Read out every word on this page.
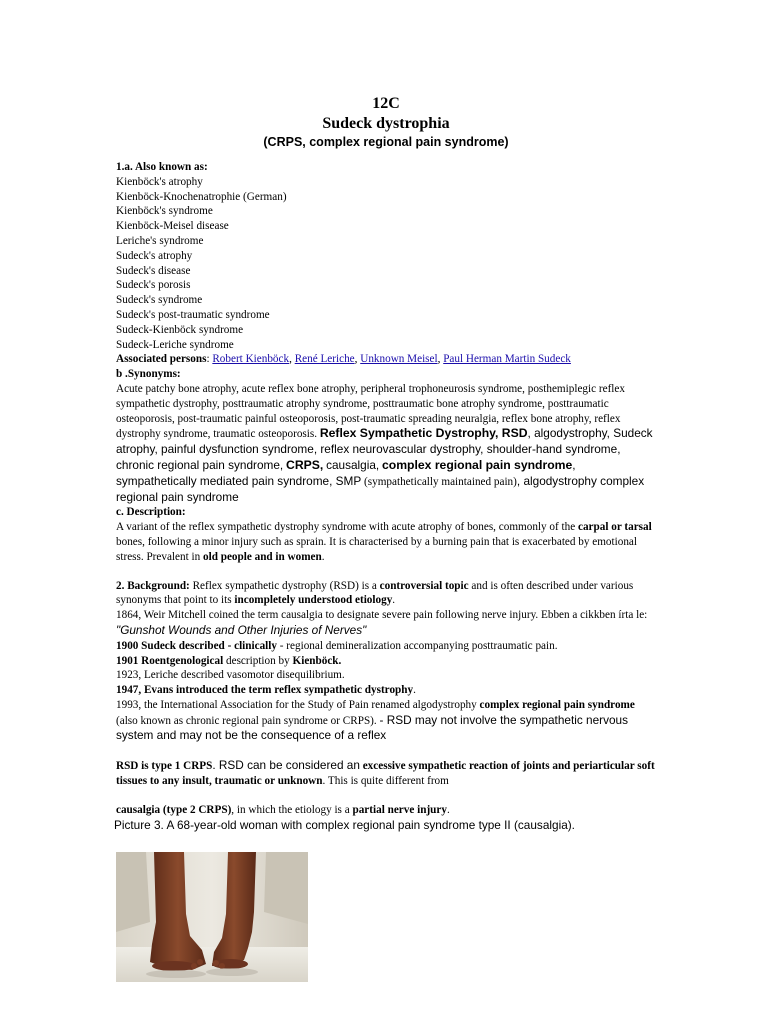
12C
Sudeck dystrophia
(CRPS, complex regional pain syndrome)
1.a. Also known as:
Kienböck's atrophy
Kienböck-Knochenatrophie (German)
Kienböck's syndrome
Kienböck-Meisel disease
Leriche's syndrome
Sudeck's atrophy
Sudeck's disease
Sudeck's porosis
Sudeck's syndrome
Sudeck's post-traumatic syndrome
Sudeck-Kienböck syndrome
Sudeck-Leriche syndrome
Associated persons: Robert Kienböck, René Leriche, Unknown Meisel, Paul Herman Martin Sudeck
b .Synonyms:
Acute patchy bone atrophy, acute reflex bone atrophy, peripheral trophoneurosis syndrome, posthemiplegic reflex sympathetic dystrophy, posttraumatic atrophy syndrome, posttraumatic bone atrophy syndrome, posttraumatic osteoporosis, post-traumatic painful osteoporosis, post-traumatic spreading neuralgia, reflex bone atrophy, reflex dystrophy syndrome, traumatic osteoporosis. Reflex Sympathetic Dystrophy, RSD, algodystrophy, Sudeck atrophy, painful dysfunction syndrome, reflex neurovascular dystrophy, shoulder-hand syndrome, chronic regional pain syndrome, CRPS, causalgia, complex regional pain syndrome, sympathetically mediated pain syndrome, SMP (sympathetically maintained pain), algodystrophy complex regional pain syndrome
c. Description:
A variant of the reflex sympathetic dystrophy syndrome with acute atrophy of bones, commonly of the carpal or tarsal bones, following a minor injury such as sprain. It is characterised by a burning pain that is exacerbated by emotional stress. Prevalent in old people and in women.
2. Background: Reflex sympathetic dystrophy (RSD) is a controversial topic and is often described under various synonyms that point to its incompletely understood etiology.
1864, Weir Mitchell coined the term causalgia to designate severe pain following nerve injury. Ebben a cikkben írta le: "Gunshot Wounds and Other Injuries of Nerves"
1900 Sudeck described - clinically - regional demineralization accompanying posttraumatic pain.
1901 Roentgenological description by Kienböck.
1923, Leriche described vasomotor disequilibrium.
1947, Evans introduced the term reflex sympathetic dystrophy.
1993, the International Association for the Study of Pain renamed algodystrophy complex regional pain syndrome (also known as chronic regional pain syndrome or CRPS). - RSD may not involve the sympathetic nervous system and may not be the consequence of a reflex
RSD is type 1 CRPS. RSD can be considered an excessive sympathetic reaction of joints and periarticular soft tissues to any insult, traumatic or unknown. This is quite different from
causalgia (type 2 CRPS), in which the etiology is a partial nerve injury.
Picture 3. A 68-year-old woman with complex regional pain syndrome type II (causalgia).
